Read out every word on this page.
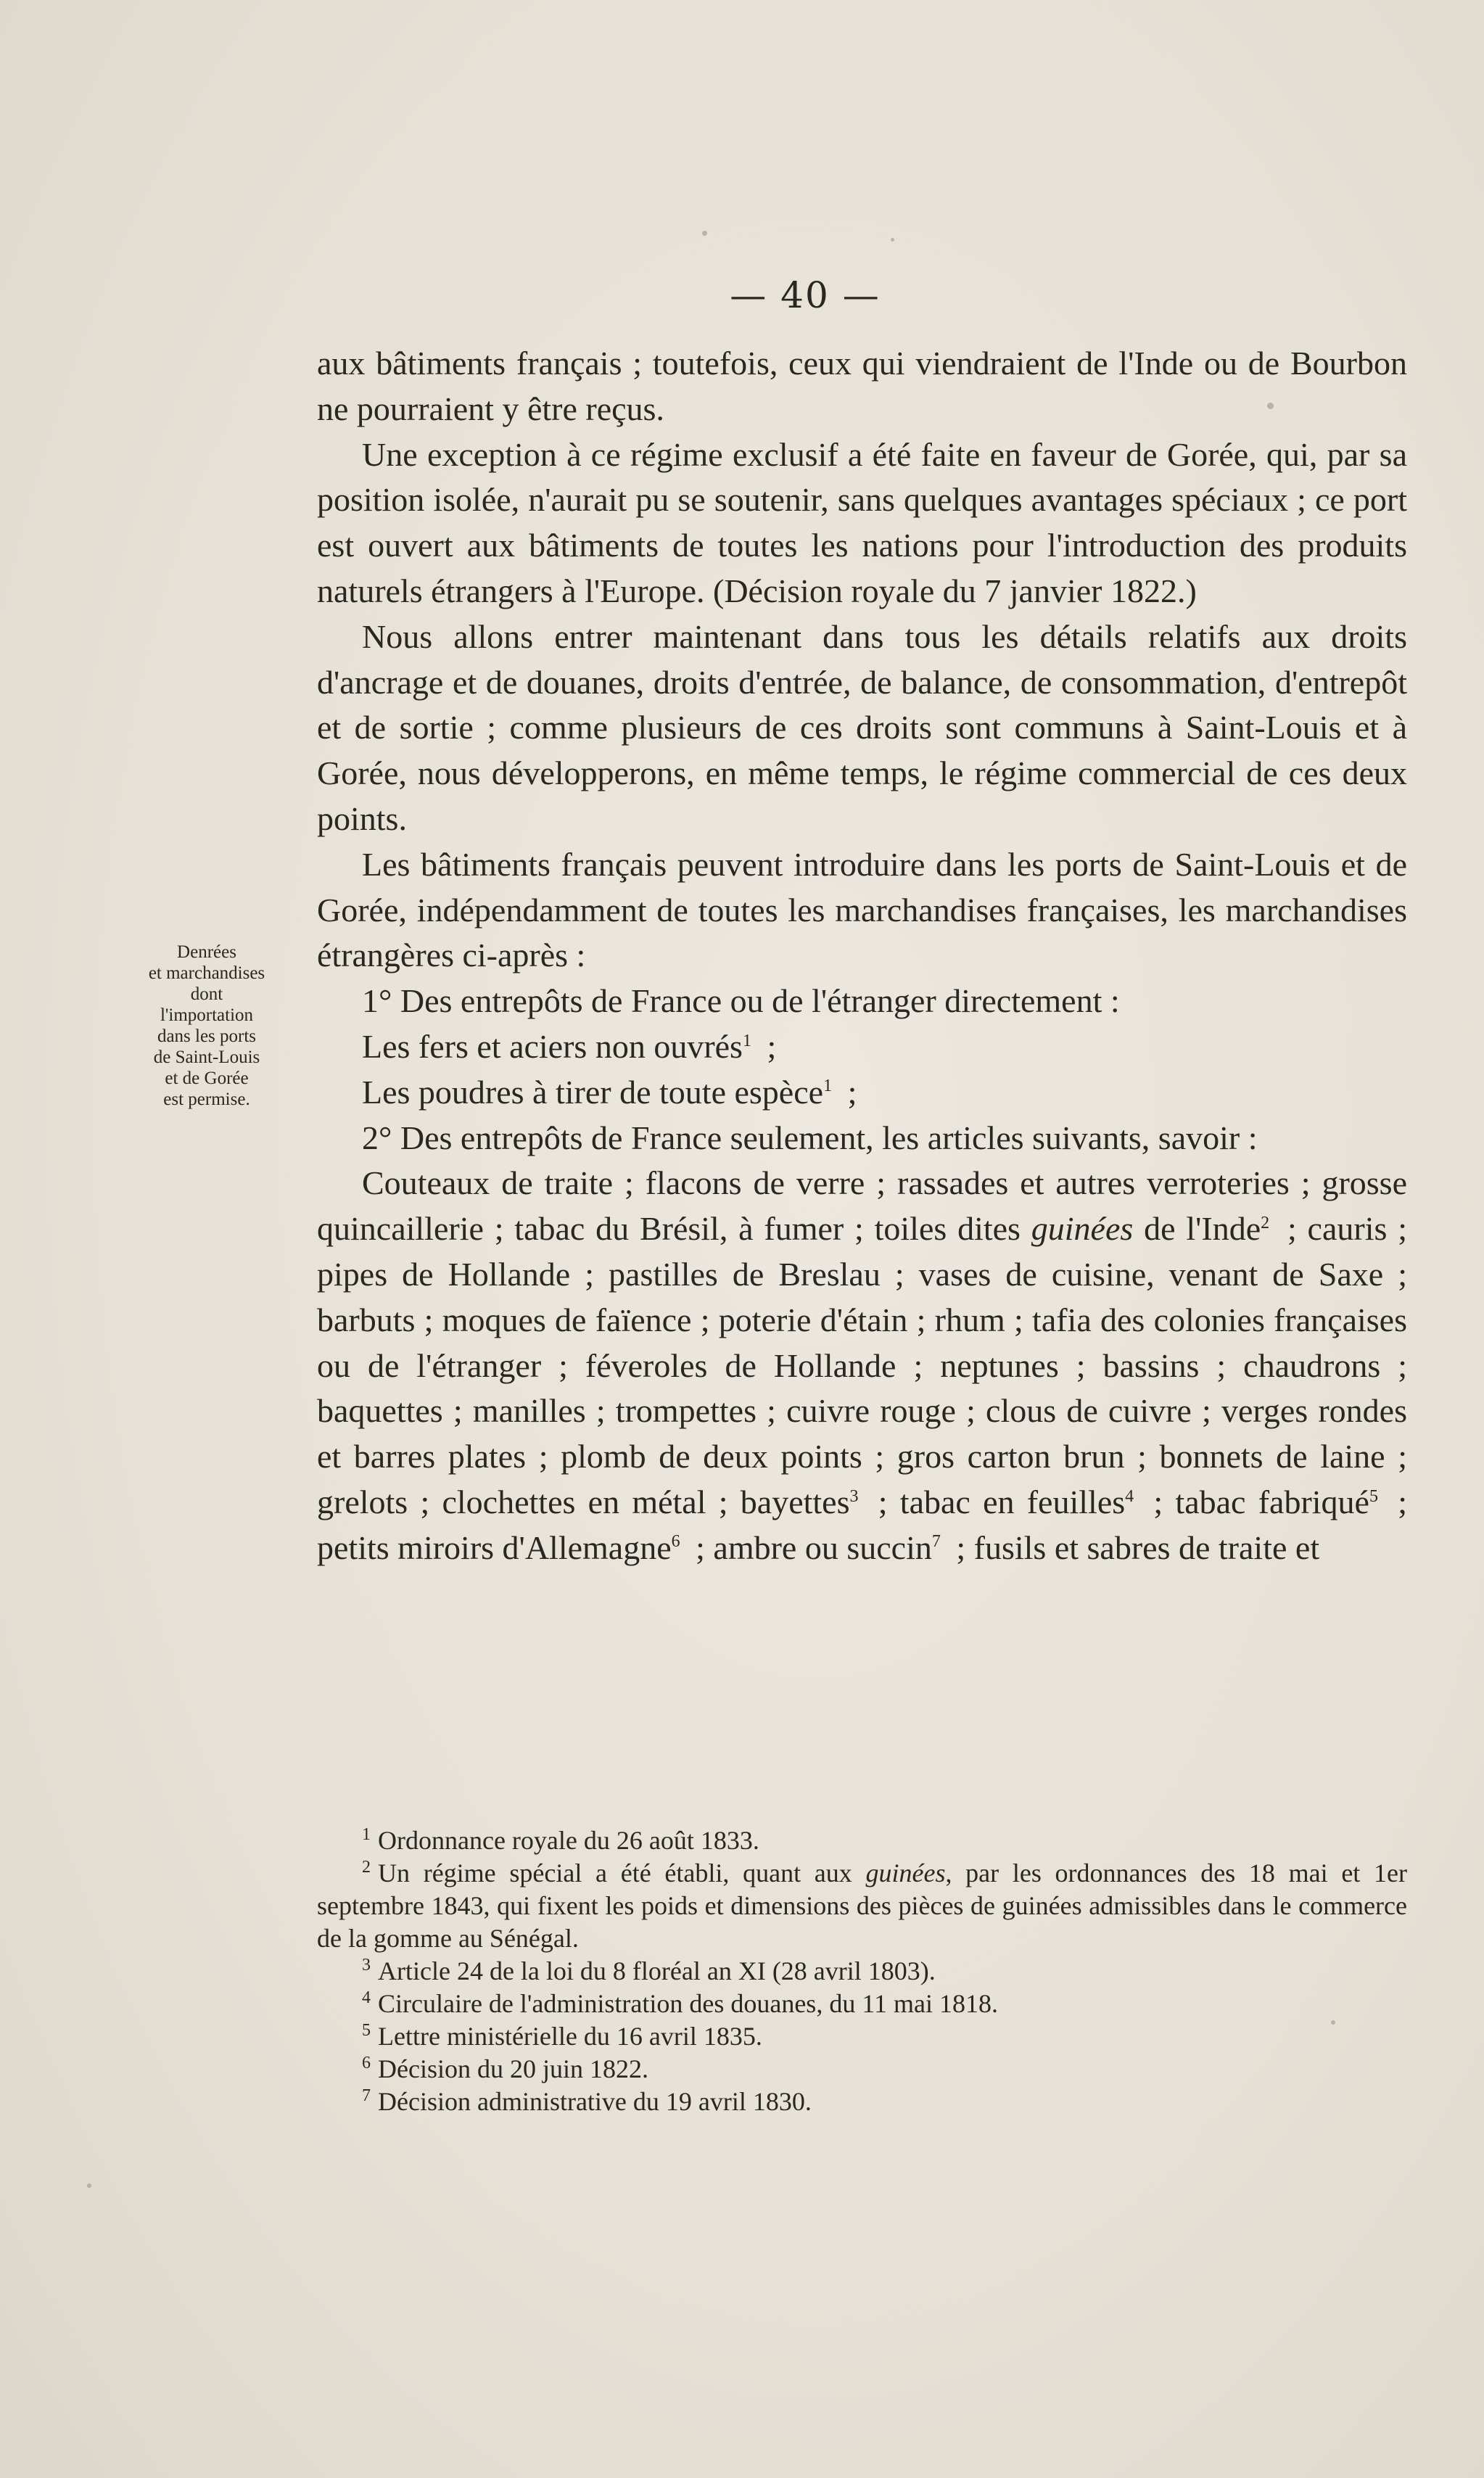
— 40 —
Denrées
et marchandises
dont
l'importation
dans les ports
de Saint-Louis
et de Gorée
est permise.

aux bâtiments français ; toutefois, ceux qui viendraient de l'Inde ou de Bourbon ne pourraient y être reçus.

Une exception à ce régime exclusif a été faite en faveur de Gorée, qui, par sa position isolée, n'aurait pu se soutenir, sans quelques avantages spéciaux ; ce port est ouvert aux bâtiments de toutes les nations pour l'introduction des produits naturels étrangers à l'Europe. (Décision royale du 7 janvier 1822.)

Nous allons entrer maintenant dans tous les détails relatifs aux droits d'ancrage et de douanes, droits d'entrée, de balance, de consommation, d'entrepôt et de sortie ; comme plusieurs de ces droits sont communs à Saint-Louis et à Gorée, nous développerons, en même temps, le régime commercial de ces deux points.

Les bâtiments français peuvent introduire dans les ports de Saint-Louis et de Gorée, indépendamment de toutes les marchandises françaises, les marchandises étrangères ci-après :

1° Des entrepôts de France ou de l'étranger directement :

Les fers et aciers non ouvrés$^1$ ;

Les poudres à tirer de toute espèce$^1$ ;

2° Des entrepôts de France seulement, les articles suivants, savoir :

Couteaux de traite ; flacons de verre ; rassades et autres verroteries ; grosse quincaillerie ; tabac du Brésil, à fumer ; toiles dites guinées de l'Inde$^2$ ; cauris ; pipes de Hollande ; pastilles de Breslau ; vases de cuisine, venant de Saxe ; barbuts ; moques de faïence ; poterie d'étain ; rhum ; tafia des colonies françaises ou de l'étranger ; féveroles de Hollande ; neptunes ; bassins ; chaudrons ; baquettes ; manilles ; trompettes ; cuivre rouge ; clous de cuivre ; verges rondes et barres plates ; plomb de deux points ; gros carton brun ; bonnets de laine ; grelots ; clochettes en métal ; bayettes$^3$ ; tabac en feuilles$^4$ ; tabac fabriqué$^5$ ; petits miroirs d'Allemagne$^6$ ; ambre ou succin$^7$ ; fusils et sabres de traite et

$^1$ Ordonnance royale du 26 août 1833.

$^2$ Un régime spécial a été établi, quant aux guinées, par les ordonnances des 18 mai et 1er septembre 1843, qui fixent les poids et dimensions des pièces de guinées admissibles dans le commerce de la gomme au Sénégal.

$^3$ Article 24 de la loi du 8 floréal an XI (28 avril 1803).

$^4$ Circulaire de l'administration des douanes, du 11 mai 1818.

$^5$ Lettre ministérielle du 16 avril 1835.

$^6$ Décision du 20 juin 1822.

$^7$ Décision administrative du 19 avril 1830.
